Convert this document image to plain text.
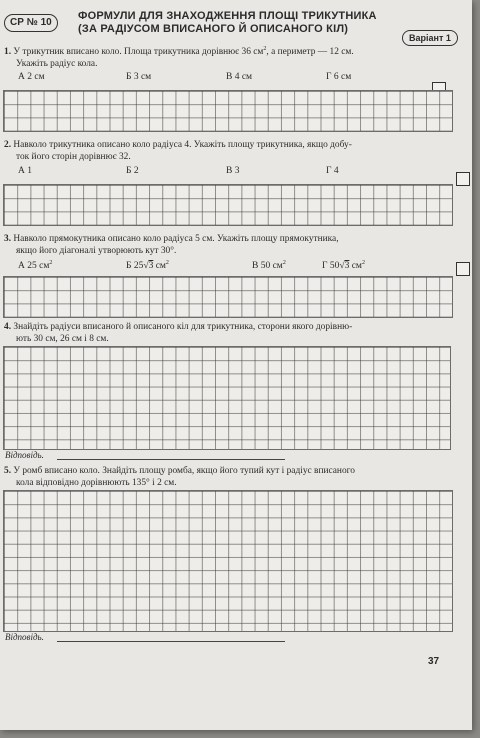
СР № 10
ФОРМУЛИ ДЛЯ ЗНАХОДЖЕННЯ ПЛОЩІ ТРИКУТНИКА
(ЗА РАДІУСОМ ВПИСАНОГО Й ОПИСАНОГО КІЛ)
Варіант 1
1. У трикутник вписано коло. Площа трикутника дорівнює 36 $см^2$, а периметр — 12 см.
Укажіть радіус кола.
А 2 см	Б 3 см	В 4 см	Г 6 см
2. Навколо трикутника описано коло радіуса 4. Укажіть площу трикутника, якщо добу-
ток його сторін дорівнює 32.
А 1	Б 2	В 3	Г 4
3. Навколо прямокутника описано коло радіуса 5 см. Укажіть площу прямокутника,
якщо його діагоналі утворюють кут 30°.
А 25 $см^2$	Б 25√3 $см^2$	В 50 $см^2$	Г 50√3 $см^2$
4. Знайдіть радіуси вписаного й описаного кіл для трикутника, сторони якого дорівню-
ють 30 см, 26 см і 8 см.
Відповідь.
5. У ромб вписано коло. Знайдіть площу ромба, якщо його тупий кут і радіус вписаного
кола відповідно дорівнюють 135° і 2 см.
Відповідь.
37
